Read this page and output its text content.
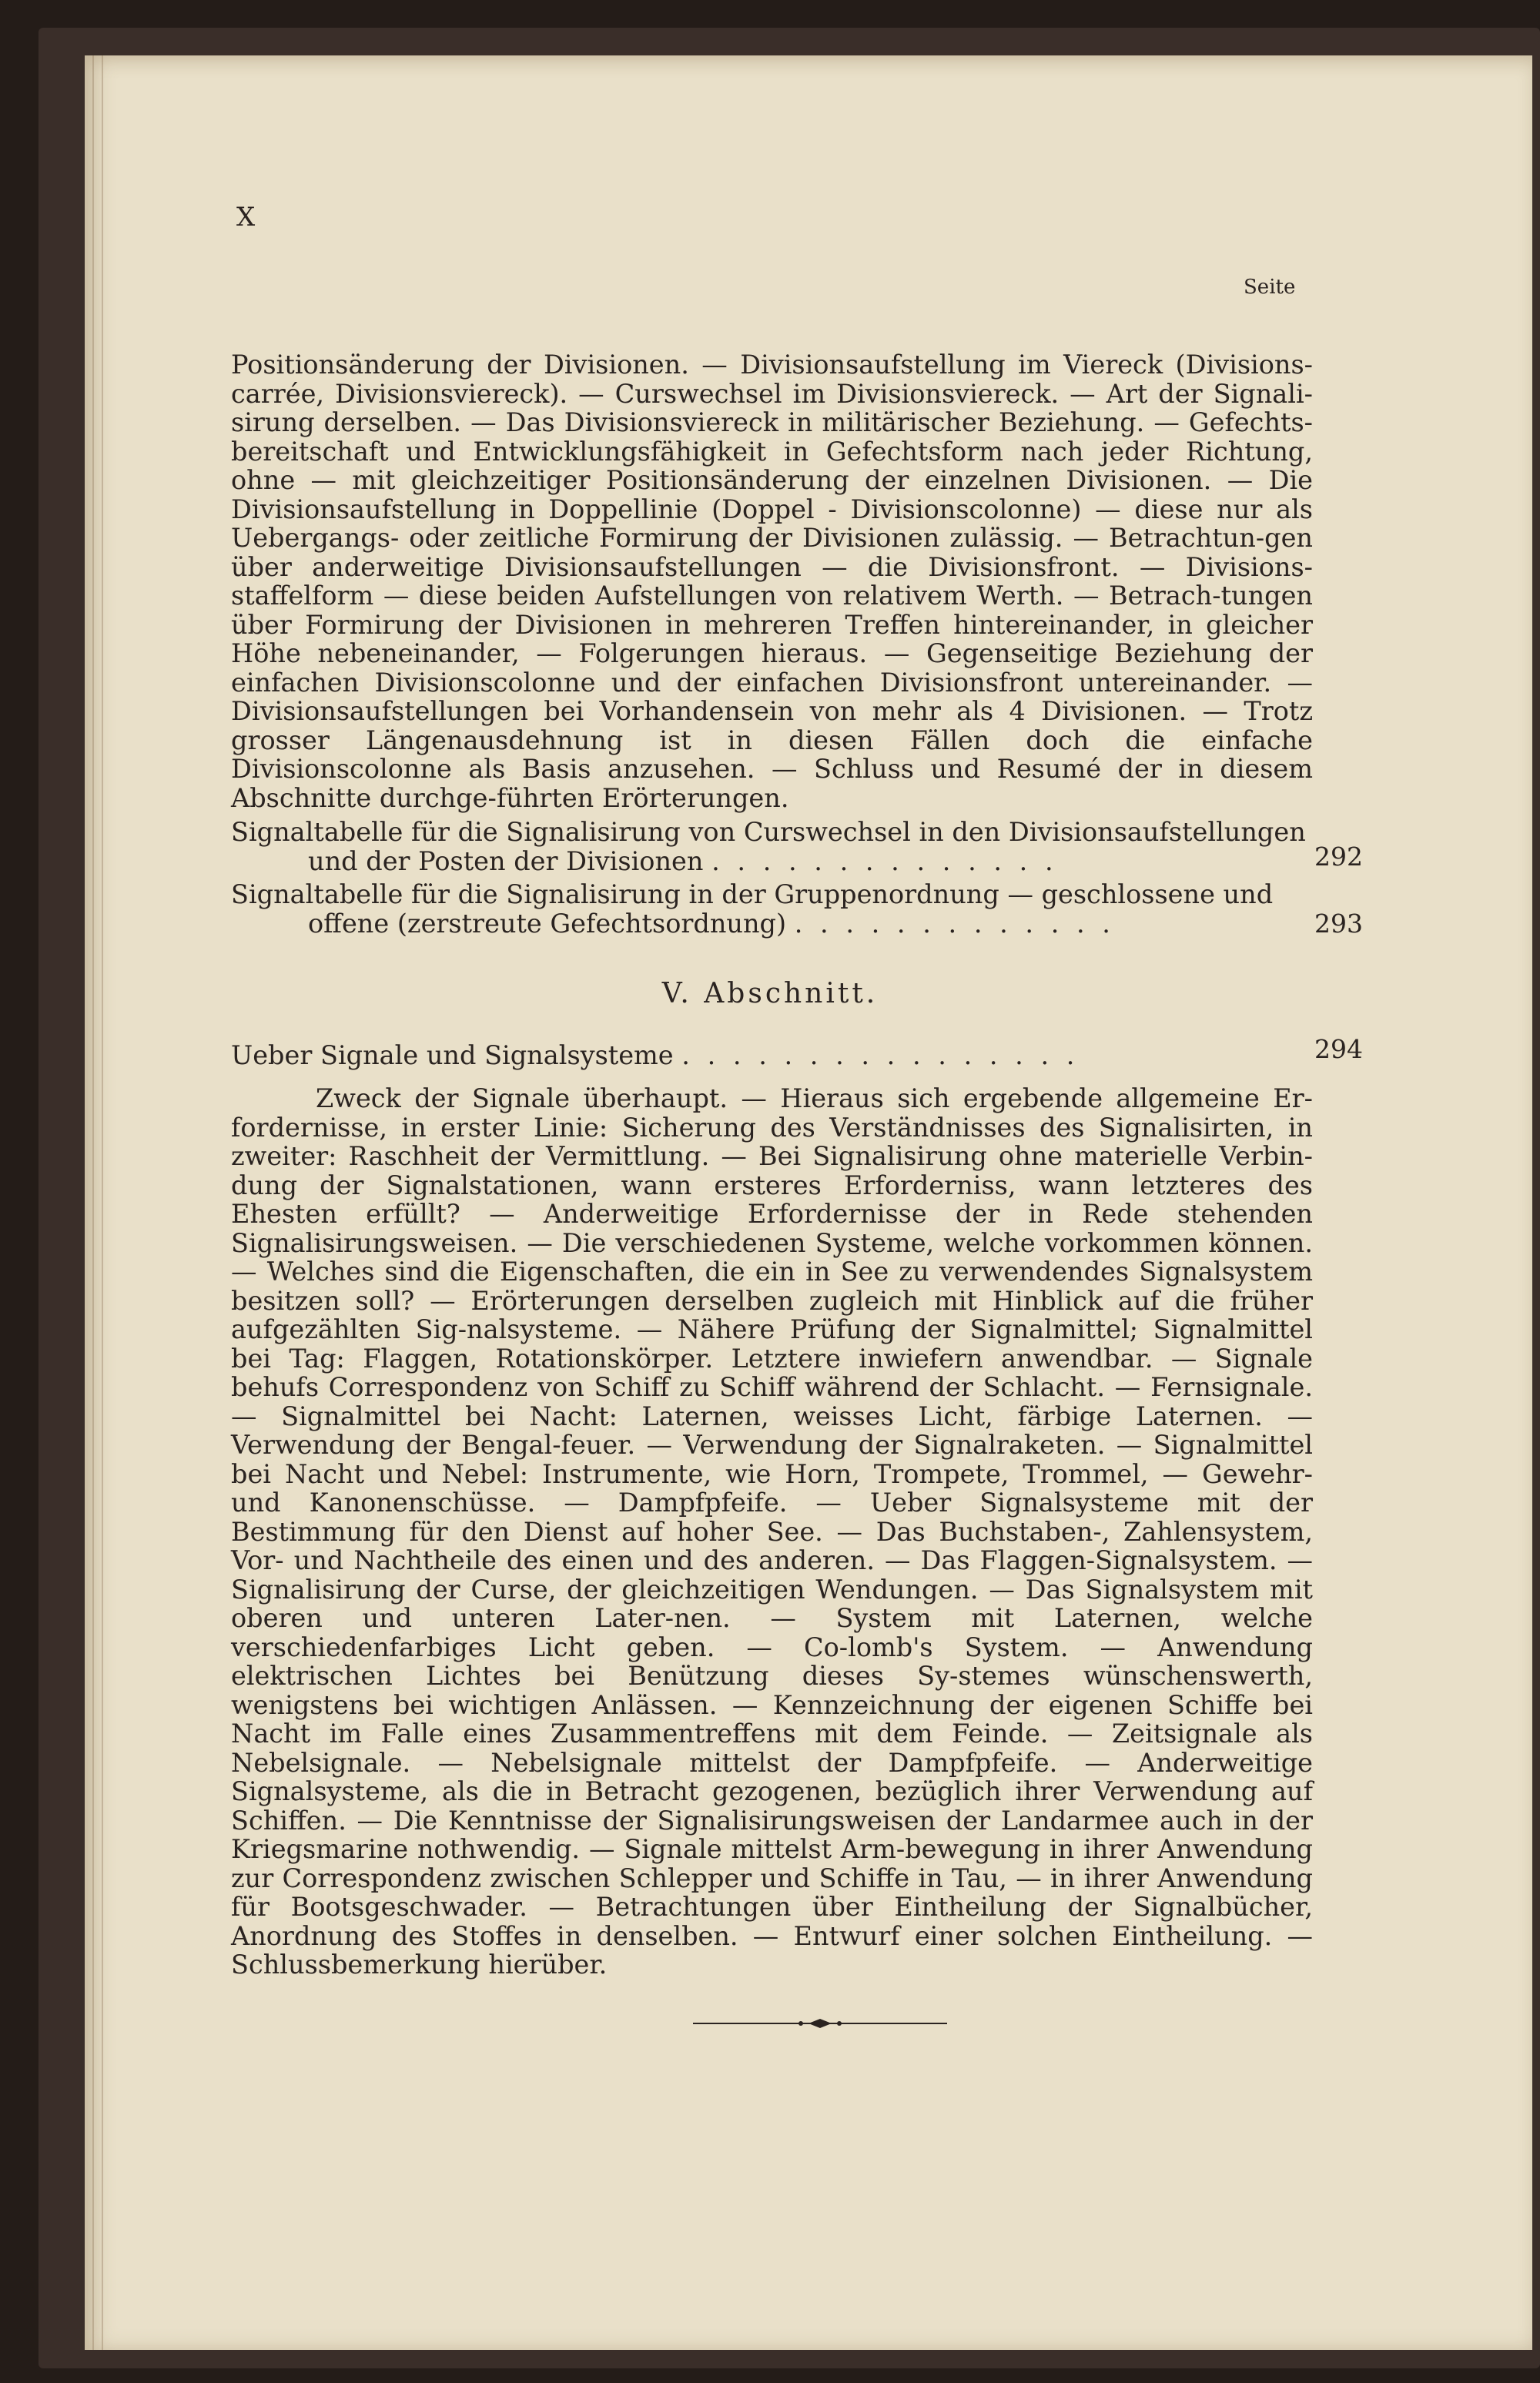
X
Seite

Positionsänderung der Divisionen. — Divisionsaufstellung im Viereck (Divisions-carrée, Divisionsviereck). — Curswechsel im Divisionsviereck. — Art der Signali-sirung derselben. — Das Divisionsviereck in militärischer Beziehung. — Gefechts-bereitschaft und Entwicklungsfähigkeit in Gefechtsform nach jeder Richtung, ohne — mit gleichzeitiger Positionsänderung der einzelnen Divisionen. — Die Divisionsaufstellung in Doppellinie (Doppel - Divisionscolonne) — diese nur als Uebergangs- oder zeitliche Formirung der Divisionen zulässig. — Betrachtun-gen über anderweitige Divisionsaufstellungen — die Divisionsfront. — Divisions-staffelform — diese beiden Aufstellungen von relativem Werth. — Betrach-tungen über Formirung der Divisionen in mehreren Treffen hintereinander, in gleicher Höhe nebeneinander, — Folgerungen hieraus. — Gegenseitige Beziehung der einfachen Divisionscolonne und der einfachen Divisionsfront untereinander. — Divisionsaufstellungen bei Vorhandensein von mehr als 4 Divisionen. — Trotz grosser Längenausdehnung ist in diesen Fällen doch die einfache Divisionscolonne als Basis anzusehen. — Schluss und Resumé der in diesem Abschnitte durchge-führten Erörterungen.

Signaltabelle für die Signalisirung von Curswechsel in den Divisionsaufstellungen
und der Posten der Divisionen . . . . . . . . . . . . . .	292
Signaltabelle für die Signalisirung in der Gruppenordnung — geschlossene und
offene (zerstreute Gefechtsordnung) . . . . . . . . . . . . .	293
V. Abschnitt.
Ueber Signale und Signalsysteme . . . . . . . . . . . . . . . .	294

Zweck der Signale überhaupt. — Hieraus sich ergebende allgemeine Er-fordernisse, in erster Linie: Sicherung des Verständnisses des Signalisirten, in zweiter: Raschheit der Vermittlung. — Bei Signalisirung ohne materielle Verbin-dung der Signalstationen, wann ersteres Erforderniss, wann letzteres des Ehesten erfüllt? — Anderweitige Erfordernisse der in Rede stehenden Signalisirungsweisen. — Die verschiedenen Systeme, welche vorkommen können. — Welches sind die Eigenschaften, die ein in See zu verwendendes Signalsystem besitzen soll? — Erörterungen derselben zugleich mit Hinblick auf die früher aufgezählten Sig-nalsysteme. — Nähere Prüfung der Signalmittel; Signalmittel bei Tag: Flaggen, Rotationskörper. Letztere inwiefern anwendbar. — Signale behufs Correspondenz von Schiff zu Schiff während der Schlacht. — Fernsignale. — Signalmittel bei Nacht: Laternen, weisses Licht, färbige Laternen. — Verwendung der Bengal-feuer. — Verwendung der Signalraketen. — Signalmittel bei Nacht und Nebel: Instrumente, wie Horn, Trompete, Trommel, — Gewehr- und Kanonenschüsse. — Dampfpfeife. — Ueber Signalsysteme mit der Bestimmung für den Dienst auf hoher See. — Das Buchstaben-, Zahlensystem, Vor- und Nachtheile des einen und des anderen. — Das Flaggen-Signalsystem. — Signalisirung der Curse, der gleichzeitigen Wendungen. — Das Signalsystem mit oberen und unteren Later-nen. — System mit Laternen, welche verschiedenfarbiges Licht geben. — Co-lomb's System. — Anwendung elektrischen Lichtes bei Benützung dieses Sy-stemes wünschenswerth, wenigstens bei wichtigen Anlässen. — Kennzeichnung der eigenen Schiffe bei Nacht im Falle eines Zusammentreffens mit dem Feinde. — Zeitsignale als Nebelsignale. — Nebelsignale mittelst der Dampfpfeife. — Anderweitige Signalsysteme, als die in Betracht gezogenen, bezüglich ihrer Verwendung auf Schiffen. — Die Kenntnisse der Signalisirungsweisen der Landarmee auch in der Kriegsmarine nothwendig. — Signale mittelst Arm-bewegung in ihrer Anwendung zur Correspondenz zwischen Schlepper und Schiffe in Tau, — in ihrer Anwendung für Bootsgeschwader. — Betrachtungen über Eintheilung der Signalbücher, Anordnung des Stoffes in denselben. — Entwurf einer solchen Eintheilung. — Schlussbemerkung hierüber.
